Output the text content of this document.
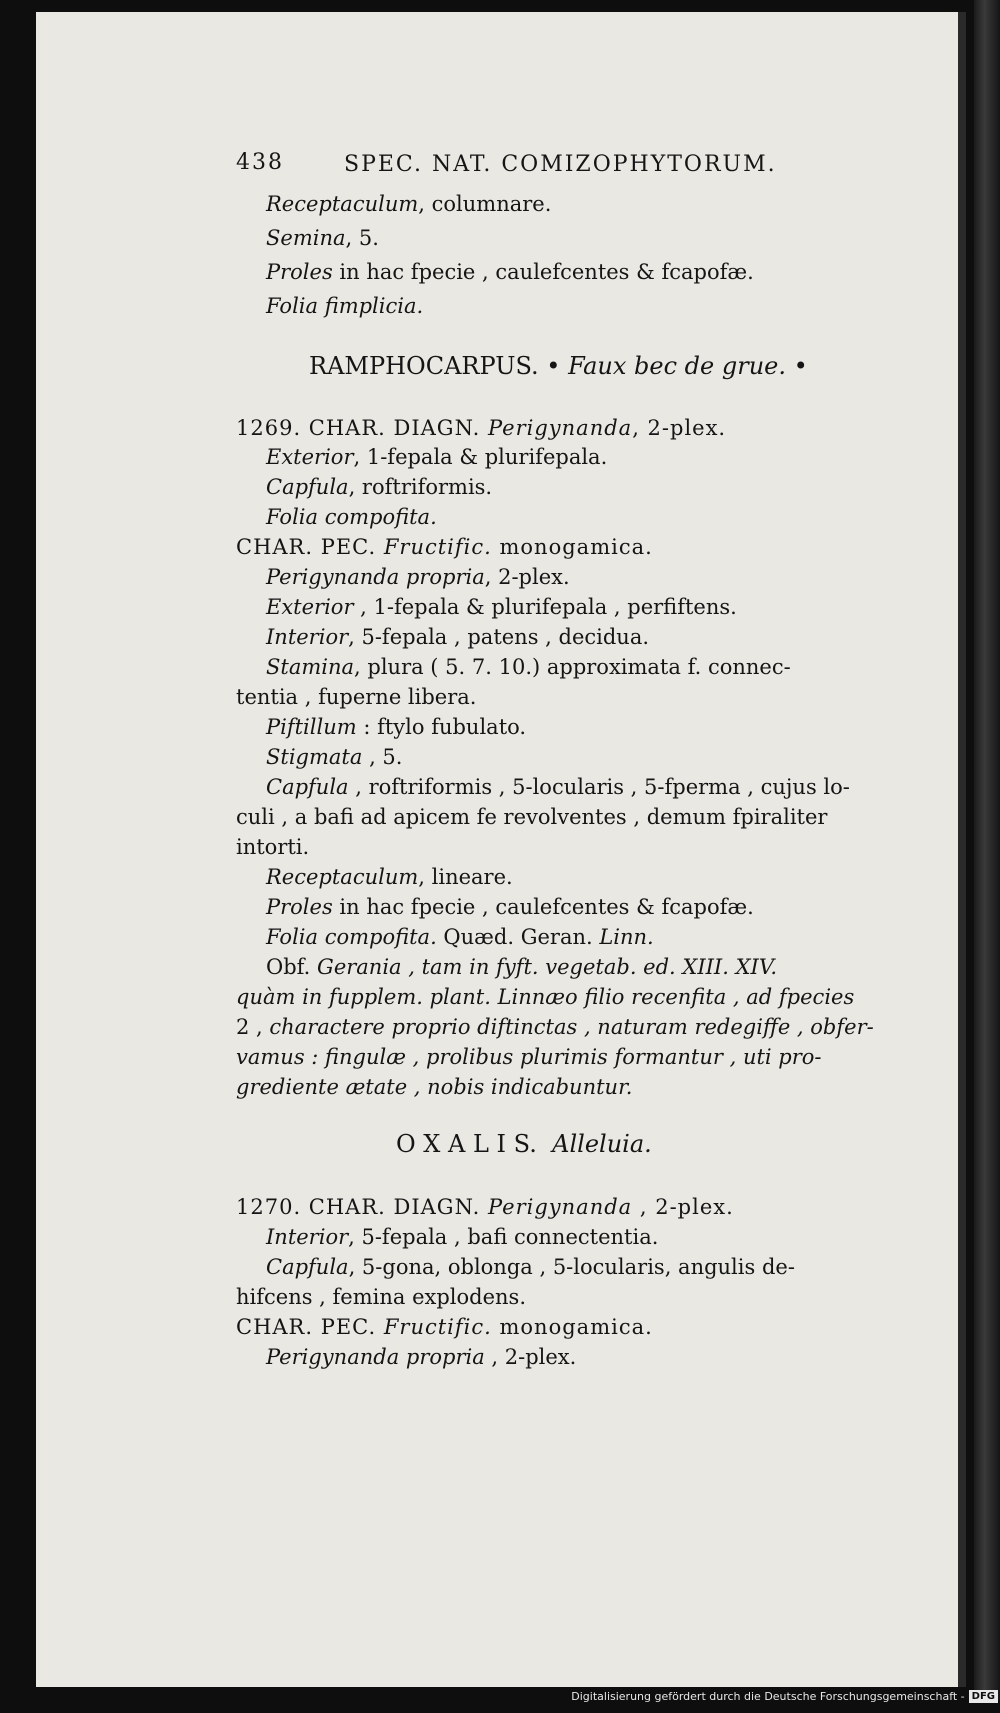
438	SPEC. NAT. COMIZOPHYTORUM.
Receptaculum, columnare.
Semina, 5.
Proles in hac fpecie , caulefcentes & fcapofæ.
Folia fimplicia.
RAMPHOCARPUS. • Faux bec de grue. •
1269. CHAR. DIAGN. Perigynanda, 2-plex.
Exterior, 1-fepala & plurifepala.
Capfula, roftriformis.
Folia compofita.
CHAR. PEC. Fructific. monogamica.
Perigynanda propria, 2-plex.
Exterior , 1-fepala & plurifepala , perfiftens.
Interior, 5-fepala , patens , decidua.
Stamina, plura ( 5. 7. 10.) approximata f. connec-
tentia , fuperne libera.
Piftillum : ftylo fubulato.
Stigmata , 5.
Capfula , roftriformis , 5-locularis , 5-fperma , cujus lo-
culi , a bafi ad apicem fe revolventes , demum fpiraliter
intorti.
Receptaculum, lineare.
Proles in hac fpecie , caulefcentes & fcapofæ.
Folia compofita. Quæd. Geran. Linn.
Obf. Gerania , tam in fyft. vegetab. ed. XIII. XIV.
quàm in fupplem. plant. Linnæo filio recenfita , ad fpecies
2 , charactere proprio diftinctas , naturam redegiffe , obfer-
vamus : fingulæ , prolibus plurimis formantur , uti pro-
grediente ætate , nobis indicabuntur.
O X A L I S. Alleluia.
1270. CHAR. DIAGN. Perigynanda , 2-plex.
Interior, 5-fepala , bafi connectentia.
Capfula, 5-gona, oblonga , 5-locularis, angulis de-
hifcens , femina explodens.
CHAR. PEC. Fructific. monogamica.
Perigynanda propria , 2-plex.
Digitalisierung gefördert durch die Deutsche Forschungsgemeinschaft - DFG
